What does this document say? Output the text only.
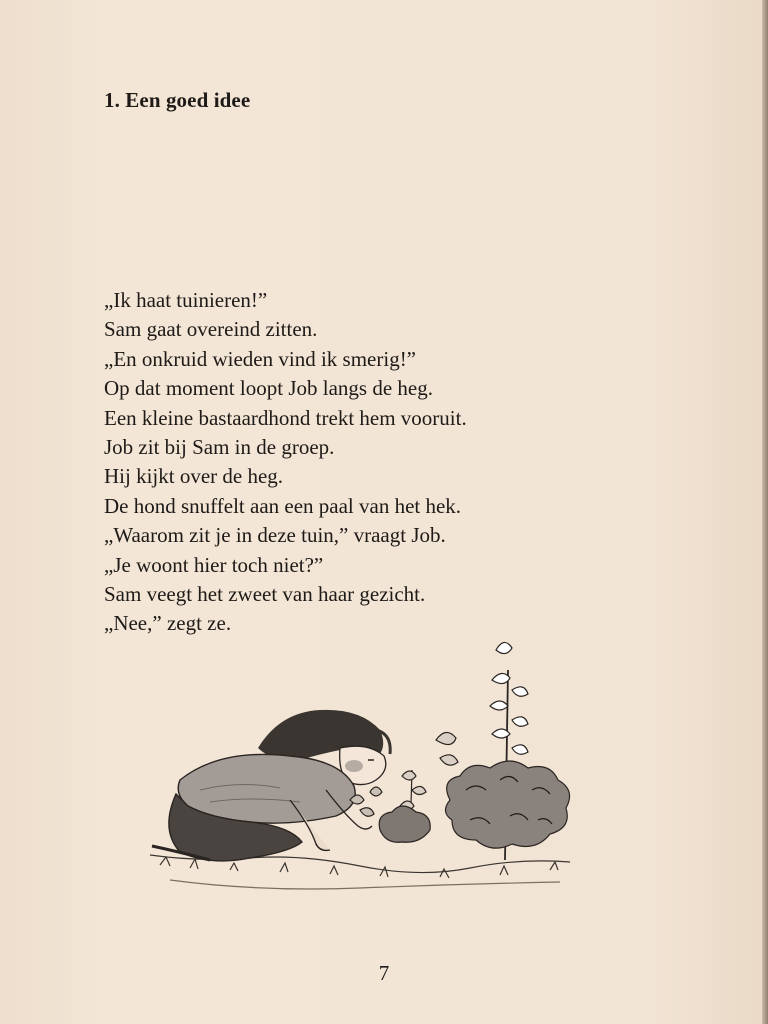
1. Een goed idee
„Ik haat tuinieren!”
Sam gaat overeind zitten.
„En onkruid wieden vind ik smerig!”
Op dat moment loopt Job langs de heg.
Een kleine bastaardhond trekt hem vooruit.
Job zit bij Sam in de groep.
Hij kijkt over de heg.
De hond snuffelt aan een paal van het hek.
„Waarom zit je in deze tuin,” vraagt Job.
„Je woont hier toch niet?”
Sam veegt het zweet van haar gezicht.
„Nee,” zegt ze.
7
